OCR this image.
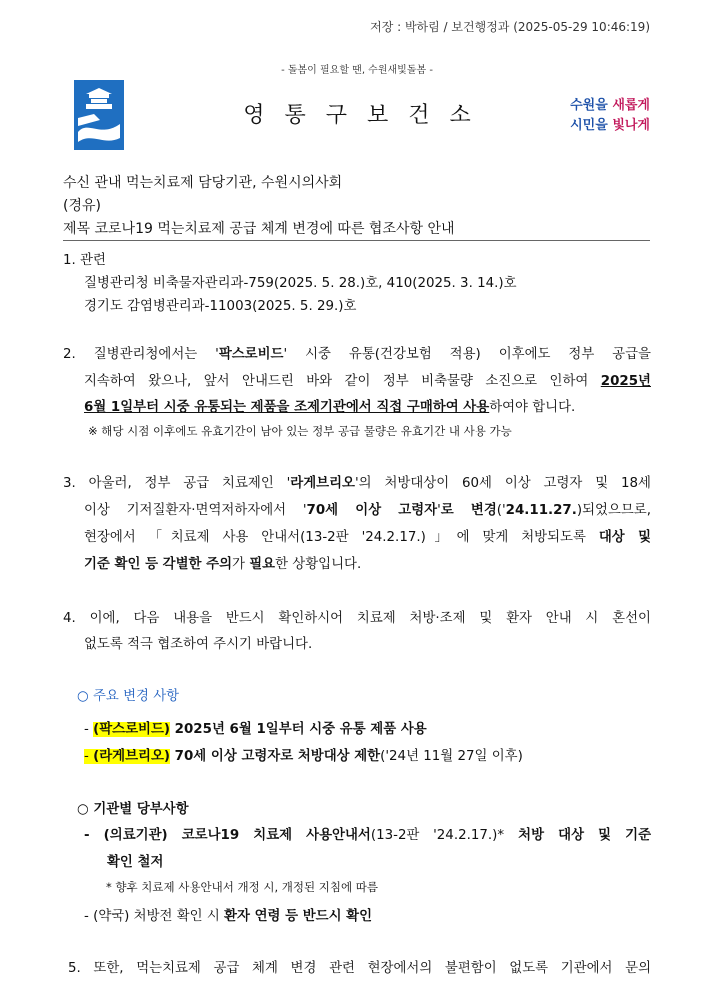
저장 : 박하림 / 보건행정과 (2025-05-29 10:46:19)
- 돌봄이 필요할 땐, 수원새빛돌봄 -
영통구보건소	수원을 새롭게
시민을 빛나게
수신 관내 먹는치료제 담당기관, 수원시의사회
(경유)
제목 코로나19 먹는치료제 공급 체계 변경에 따른 협조사항 안내
1. 관련
질병관리청 비축물자관리과-759(2025. 5. 28.)호, 410(2025. 3. 14.)호
경기도 감염병관리과-11003(2025. 5. 29.)호
2. 질병관리청에서는 '팍스로비드' 시중 유통(건강보험 적용) 이후에도 정부 공급을
지속하여 왔으나, 앞서 안내드린 바와 같이 정부 비축물량 소진으로 인하여 2025년
6월 1일부터 시중 유통되는 제품을 조제기관에서 직접 구매하여 사용하여야 합니다.
※ 해당 시점 이후에도 유효기간이 남아 있는 정부 공급 물량은 유효기간 내 사용 가능
3. 아울러, 정부 공급 치료제인 '라게브리오'의 처방대상이 60세 이상 고령자 및 18세
이상 기저질환자·면역저하자에서 '70세 이상 고령자'로 변경('24.11.27.)되었으므로,
현장에서 「치료제 사용 안내서(13-2판 '24.2.17.)」에 맞게 처방되도록 대상 및
기준 확인 등 각별한 주의가 필요한 상황입니다.
4. 이에, 다음 내용을 반드시 확인하시어 치료제 처방·조제 및 환자 안내 시 혼선이
없도록 적극 협조하여 주시기 바랍니다.
○ 주요 변경 사항
- (팍스로비드) 2025년 6월 1일부터 시중 유통 제품 사용
- (라게브리오) 70세 이상 고령자로 처방대상 제한('24년 11월 27일 이후)
○ 기관별 당부사항
- (의료기관) 코로나19 치료제 사용안내서(13-2판 '24.2.17.)* 처방 대상 및 기준
확인 철저
* 향후 치료제 사용안내서 개정 시, 개정된 지침에 따름
- (약국) 처방전 확인 시 환자 연령 등 반드시 확인
5. 또한, 먹는치료제 공급 체계 변경 관련 현장에서의 불편함이 없도록 기관에서 문의
